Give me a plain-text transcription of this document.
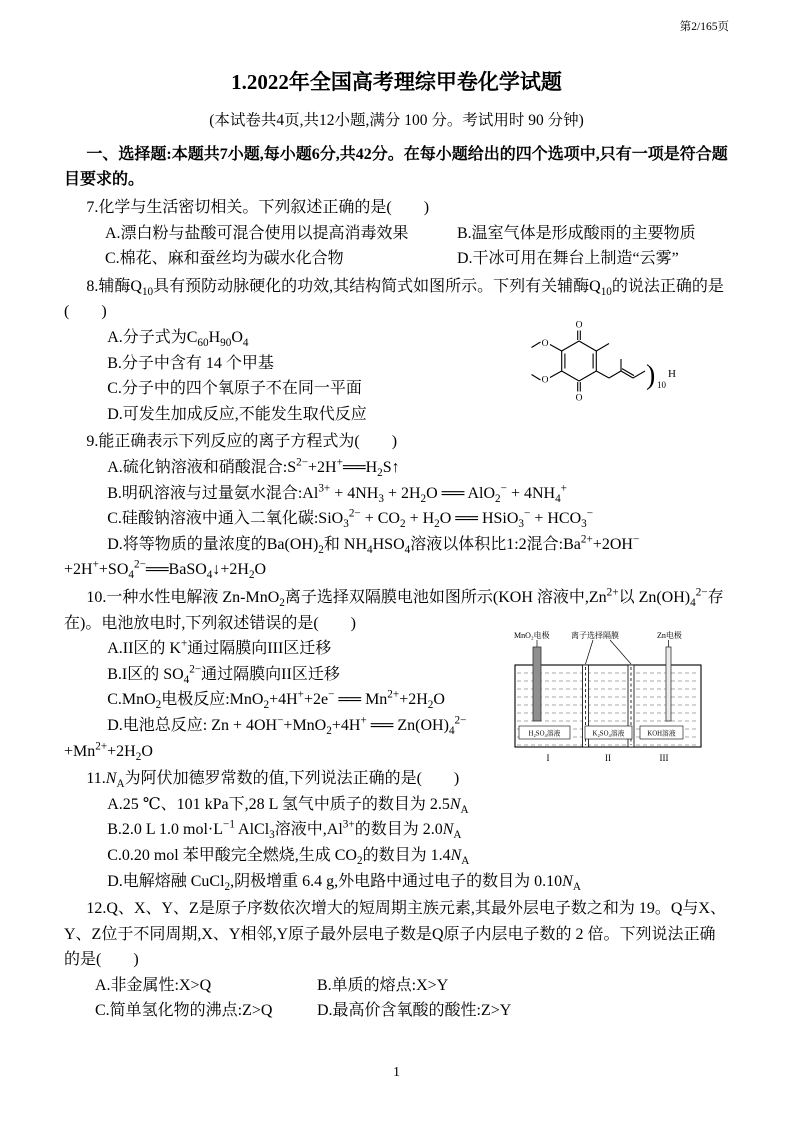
第2/165页
1.2022年全国高考理综甲卷化学试题

(本试卷共4页,共12小题,满分 100 分。考试用时 90 分钟)

一、选择题:本题共7小题,每小题6分,共42分。在每小题给出的四个选项中,只有一项是符合题目要求的。

7.化学与生活密切相关。下列叙述正确的是(　　)

A.漂白粉与盐酸可混合使用以提高消毒效果	B.温室气体是形成酸雨的主要物质
C.棉花、麻和蚕丝均为碳水化合物	D.干冰可用在舞台上制造“云雾”

8.辅酶$Q_{10}$具有预防动脉硬化的功效,其结构简式如图所示。下列有关辅酶$Q_{10}$的说法正确的是(　　)

A.分子式为$C_{60}H_{90}O_4$

B.分子中含有 14 个甲基

C.分子中的四个氧原子不在同一平面

D.可发生加成反应,不能发生取代反应

O
O
O
O	) 10
H

9.能正确表示下列反应的离子方程式为(　　)

A.硫化钠溶液和硝酸混合$:S^{2-}+2H^+══H_2S↑$

B.明矾溶液与过量氨水混合$:Al^{3+} + 4NH_3 + 2H_2O$ ══ $AlO_2^- + 4NH_4^+$

C.硅酸钠溶液中通入二氧化碳:SiO$_3^{2-}$ + $CO_2 + H_2O$ ══ HSiO$_3$− + $HCO_3^-$

D.将等物质的量浓度的$Ba(OH)_2$和 $NH_4HSO_4$溶液以体积比1:2混合$:Ba^{2+}+2OH^-$
$+2H^++SO_4^{2-}══BaSO_4↓+2H_2O$

10.一种水性电解液 Zn-MnO$_2$离子选择双隔膜电池如图所示(KOH 溶液中$,Zn^{2+}$以 $Zn(OH)_4^{2-}$存在)。电池放电时,下列叙述错误的是(　　)

A.II区的 K+通过隔膜向III区迁移

B.I区的 $SO_4^{2-}$通过隔膜向II区迁移

C.MnO$_2$电极反应:MnO$_2$+4H++2e− ══ $Mn^{2+}+2H_2O$

D.电池总反应: Zn + 4OH−+MnO$_2$+4H+ ══ $Zn(OH)_4^{2-}$
$+Mn^{2+}+2H_2O$

MnO₂电极	离子选择隔膜	Zn电极
H₂SO₄溶液	K₂SO₄溶液	KOH溶液
I	II	III

$11.N_A$为阿伏加德罗常数的值,下列说法正确的是(　　)

A.25 ℃、101 kPa下,28 L 氢气中质子的数目为 $2.5N_A$

B.2.0 L 1.0 $mol\cdot L^{-1}$ AlCl$_3$溶液中$,Al^{3+}$的数目为 $2.0N_A$

C.0.20 mol 苯甲酸完全燃烧,生成 $CO_2$的数目为 $1.4N_A$

D.电解熔融 CuCl$_2$,阴极增重 6.4 g,外电路中通过电子的数目为 $0.10N_A$

12.Q、X、Y、Z是原子序数依次增大的短周期主族元素,其最外层电子数之和为 19。Q与X、Y、Z位于不同周期,X、Y相邻,Y原子最外层电子数是Q原子内层电子数的 2 倍。下列说法正确的是(　　)

A.非金属性:X>Q	B.单质的熔点:X>Y
C.简单氢化物的沸点:Z>Q	D.最高价含氧酸的酸性:Z>Y
1
